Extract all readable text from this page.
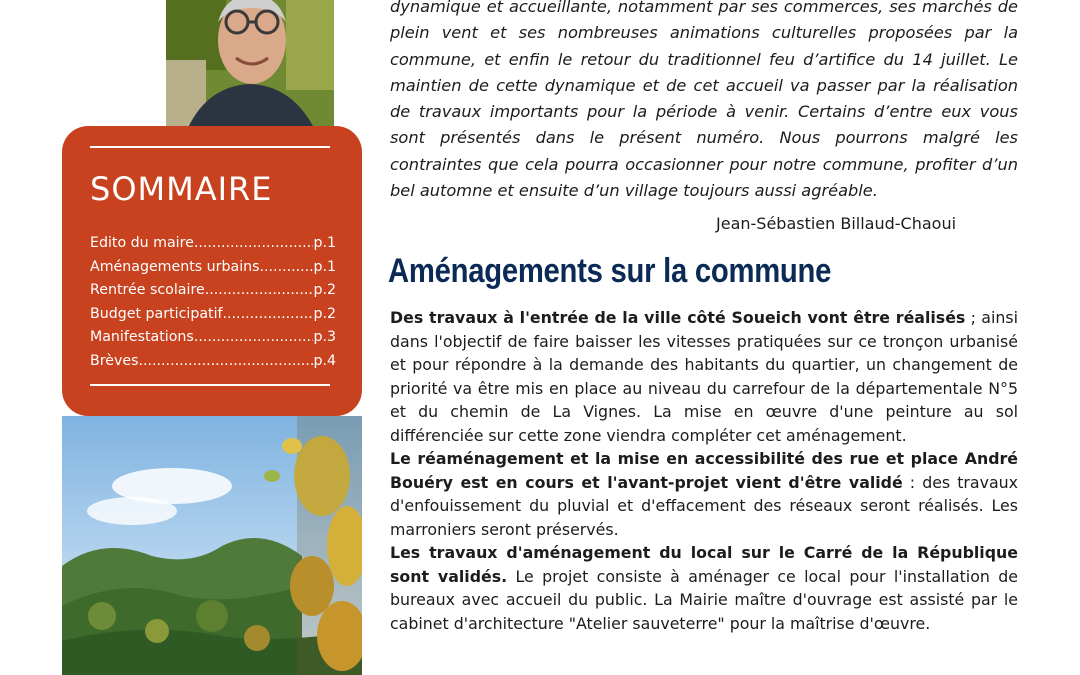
SOMMAIRE
Edito du maire .....	p.1
Aménagements urbains .....	p.1
Rentrée scolaire .....	p.2
Budget participatif .....	p.2
Manifestations .....	p.3
Brèves .....	p.4
dynamique et accueillante, notamment par ses commerces, ses marchés de plein vent et ses nombreuses animations culturelles proposées par la commune, et enfin le retour du traditionnel feu d’artifice du 14 juillet. Le maintien de cette dynamique et de cet accueil va passer par la réalisation de travaux importants pour la période à venir. Certains d’entre eux vous sont présentés dans le présent numéro. Nous pourrons malgré les contraintes que cela pourra occasionner pour notre commune, profiter d’un bel automne et ensuite d’un village toujours aussi agréable.
Jean-Sébastien Billaud-Chaoui
Aménagements sur la commune

Des travaux à l'entrée de la ville côté Soueich vont être réalisés ; ainsi dans l'objectif de faire baisser les vitesses pratiquées sur ce tronçon urbanisé et pour répondre à la demande des habitants du quartier, un changement de priorité va être mis en place au niveau du carrefour de la départementale N°5 et du chemin de La Vignes. La mise en œuvre d'une peinture au sol différenciée sur cette zone viendra compléter cet aménagement.

Le réaménagement et la mise en accessibilité des rue et place André Bouéry est en cours et l'avant-projet vient d'être validé : des travaux d'enfouissement du pluvial et d'effacement des réseaux seront réalisés. Les marroniers seront préservés.

Les travaux d'aménagement du local sur le Carré de la République sont validés. Le projet consiste à aménager ce local pour l'installation de bureaux avec accueil du public. La Mairie maître d'ouvrage est assisté par le cabinet d'architecture "Atelier sauveterre" pour la maîtrise d'œuvre.
